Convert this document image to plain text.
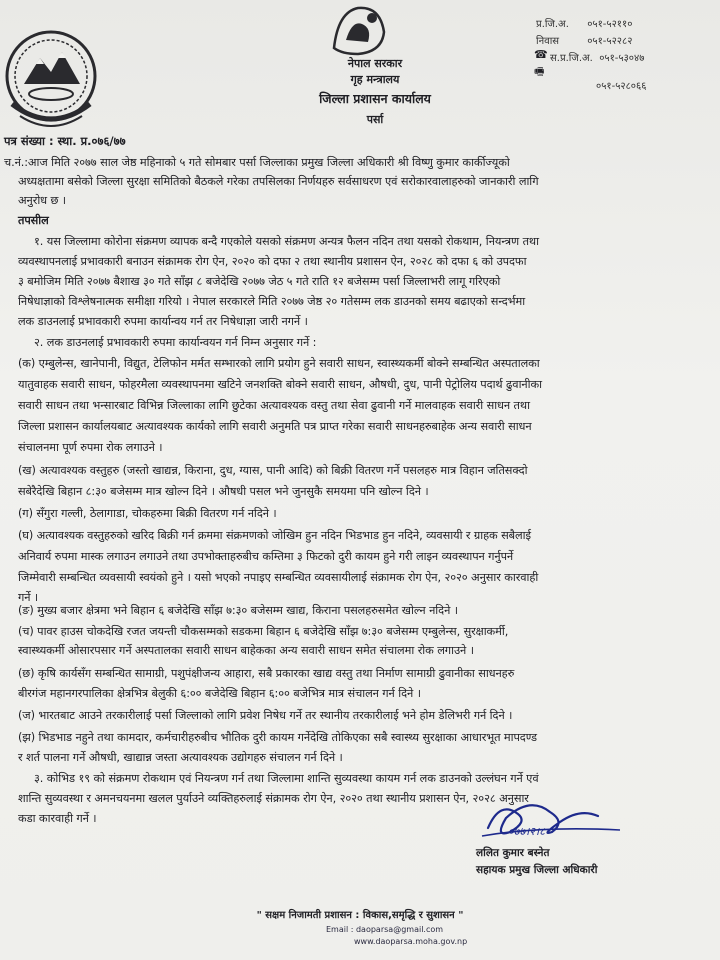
नेपाल सरकार
गृह मन्त्रालय
जिल्ला प्रशासन कार्यालय
पर्सा
प्र.जि.अ. ०५१-५२११०
निवास	०५१-५२२८२
☎ स.प्र.जि.अ. ०५१-५३०४७
🖷
०५१-५२८०६६
पत्र संख्या : स्था. प्र.०७६/७७
च.नं.:आज मिति २०७७ साल जेष्ठ महिनाको ५ गते सोमबार पर्सा जिल्लाका प्रमुख जिल्ला अधिकारी श्री विष्णु कुमार कार्कीज्यूको
अध्यक्षतामा बसेको जिल्ला सुरक्षा समितिको बैठकले गरेका तपसिलका निर्णयहरु सर्वसाधरण एवं सरोकारवालाहरुको जानकारी लागि
अनुरोध छ ।
तपसील
१. यस जिल्लामा कोरोना संक्रमण व्यापक बन्दै गएकोले यसको संक्रमण अन्यत्र फैलन नदिन तथा यसको रोकथाम, नियन्त्रण तथा
व्यवस्थापनलाई प्रभावकारी बनाउन संक्रामक रोग ऐन, २०२० को दफा २ तथा स्थानीय प्रशासन ऐन, २०२८ को दफा ६ को उपदफा
३ बमोजिम मिति २०७७ बैशाख ३० गते साँझ ८ बजेदेखि २०७७ जेठ ५ गते राति १२ बजेसम्म पर्सा जिल्लाभरी लागू गरिएको
निषेधाज्ञाको विश्लेषनात्मक समीक्षा गरियो । नेपाल सरकारले मिति २०७७ जेष्ठ २० गतेसम्म लक डाउनको समय बढाएको सन्दर्भमा
लक डाउनलाई प्रभावकारी रुपमा कार्यान्वय गर्न तर निषेधाज्ञा जारी नगर्ने ।
२. लक डाउनलाई प्रभावकारी रुपमा कार्यान्वयन गर्न निम्न अनुसार गर्ने :
(क) एम्बुलेन्स, खानेपानी, विद्युत, टेलिफोन मर्मत सम्भारको लागि प्रयोग हुने सवारी साधन, स्वास्थ्यकर्मी बोक्ने सम्बन्धित अस्पतालका
यातुवाहक सवारी साधन, फोहरमैला व्यवस्थापनमा खटिने जनशक्ति बोक्ने सवारी साधन, औषधी, दुध, पानी पेट्रोलिय पदार्थ ढुवानीका
सवारी साधन तथा भन्सारबाट विभिन्न जिल्लाका लागि छुटेका अत्यावश्यक वस्तु तथा सेवा ढुवानी गर्ने मालवाहक सवारी साधन तथा
जिल्ला प्रशासन कार्यालयबाट अत्यावश्यक कार्यको लागि सवारी अनुमति पत्र प्राप्त गरेका सवारी साधनहरुबाहेक अन्य सवारी साधन
संचालनमा पूर्ण रुपमा रोक लगाउने ।
(ख) अत्यावश्यक वस्तुहरु (जस्तो खाद्यन्न, किराना, दुध, ग्यास, पानी आदि) को बिक्री वितरण गर्ने पसलहरु मात्र विहान जतिसक्दो
सबेरैदेखि बिहान ८:३० बजेसम्म मात्र खोल्न दिने । औषधी पसल भने जुनसुकै समयमा पनि खोल्न दिने ।
(ग) सँगुरा गल्ली, ठेलागाडा, चोकहरुमा बिक्री वितरण गर्न नदिने ।
(घ) अत्यावश्यक वस्तुहरुको खरिद बिक्री गर्न क्रममा संक्रमणको जोखिम हुन नदिन भिडभाड हुन नदिने, व्यवसायी र ग्राहक सबैलाई
अनिवार्य रुपमा मास्क लगाउन लगाउने तथा उपभोक्ताहरुबीच कम्तिमा ३ फिटको दुरी कायम हुने गरी लाइन व्यवस्थापन गर्नुपर्ने
जिम्मेवारी सम्बन्धित व्यवसायी स्वयंको हुने । यसो भएको नपाइए सम्बन्धित व्यवसायीलाई संक्रामक रोग ऐन, २०२० अनुसार कारवाही
गर्ने ।
(ङ) मुख्य बजार क्षेत्रमा भने बिहान ६ बजेदेखि साँझ ७:३० बजेसम्म खाद्य, किराना पसलहरुसमेत खोल्न नदिने ।
(च) पावर हाउस चोकदेखि रजत जयन्ती चौकसम्मको सडकमा बिहान ६ बजेदेखि साँझ ७:३० बजेसम्म एम्बुलेन्स, सुरक्षाकर्मी,
स्वास्थ्यकर्मी ओसारपसार गर्ने अस्पतालका सवारी साधन बाहेकका अन्य सवारी साधन समेत संचालमा रोक लगाउने ।
(छ) कृषि कार्यसँग सम्बन्धित सामाग्री, पशुपंक्षीजन्य आहारा, सबै प्रकारका खाद्य वस्तु तथा निर्माण सामाग्री ढुवानीका साधनहरु
बीरगंज महानगरपालिका क्षेत्रभित्र बेलुकी ६:०० बजेदेखि बिहान ६:०० बजेभित्र मात्र संचालन गर्न दिने ।
(ज) भारतबाट आउने तरकारीलाई पर्सा जिल्लाको लागि प्रवेश निषेध गर्ने तर स्थानीय तरकारीलाई भने होम डेलिभरी गर्न दिने ।
(झ) भिडभाड नहुने तथा कामदार, कर्मचारीहरुबीच भौतिक दुरी कायम गर्नेदेखि तोकिएका सबै स्वास्थ्य सुरक्षाका आधारभूत मापदण्ड
र शर्त पालना गर्ने औषधी, खाद्यान्न जस्ता अत्यावश्यक उद्योगहरु संचालन गर्न दिने ।
३. कोभिड १९ को संक्रमण रोकथाम एवं नियन्त्रण गर्न तथा जिल्लामा शान्ति सुव्यवस्था कायम गर्न लक डाउनको उल्लंघन गर्ने एवं
शान्ति सुव्यवस्था र अमनचयनमा खलल पुर्याउने व्यक्तिहरुलाई संक्रामक रोग ऐन, २०२० तथा स्थानीय प्रशासन ऐन, २०२८ अनुसार
कडा कारवाही गर्ने ।
०७७।२।८
ललित कुमार बस्नेत
सहायक प्रमुख जिल्ला अधिकारी
" सक्षम निजामती प्रशासन : विकास,समृद्धि र सुशासन "
Email : daoparsa@gmail.com
www.daoparsa.moha.gov.np
